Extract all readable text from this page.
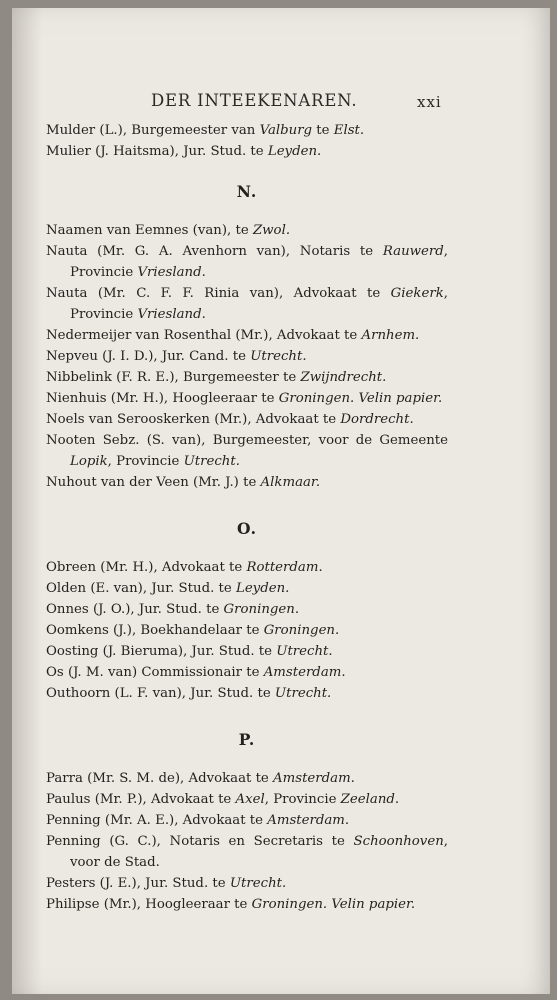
DER INTEEKENAREN.	xxi

Mulder (L.), Burgemeester van Valburg te Elst.

Mulier (J. Haitsma), Jur. Stud. te Leyden.

N.

Naamen van Eemnes (van), te Zwol.

Nauta (Mr. G. A. Avenhorn van), Notaris te Rauwerd, Provincie Vriesland.

Nauta (Mr. C. F. F. Rinia van), Advokaat te Giekerk, Provincie Vriesland.

Nedermeijer van Rosenthal (Mr.), Advokaat te Arnhem.

Nepveu (J. I. D.), Jur. Cand. te Utrecht.

Nibbelink (F. R. E.), Burgemeester te Zwijndrecht.

Nienhuis (Mr. H.), Hoogleeraar te Groningen. Velin papier.

Noels van Serooskerken (Mr.), Advokaat te Dordrecht.

Nooten Sebz. (S. van), Burgemeester, voor de Gemeente Lopik, Provincie Utrecht.

Nuhout van der Veen (Mr. J.) te Alkmaar.

O.

Obreen (Mr. H.), Advokaat te Rotterdam.

Olden (E. van), Jur. Stud. te Leyden.

Onnes (J. O.), Jur. Stud. te Groningen.

Oomkens (J.), Boekhandelaar te Groningen.

Oosting (J. Bieruma), Jur. Stud. te Utrecht.

Os (J. M. van) Commissionair te Amsterdam.

Outhoorn (L. F. van), Jur. Stud. te Utrecht.

P.

Parra (Mr. S. M. de), Advokaat te Amsterdam.

Paulus (Mr. P.), Advokaat te Axel, Provincie Zeeland.

Penning (Mr. A. E.), Advokaat te Amsterdam.

Penning (G. C.), Notaris en Secretaris te Schoonhoven, voor de Stad.

Pesters (J. E.), Jur. Stud. te Utrecht.

Philipse (Mr.), Hoogleeraar te Groningen. Velin papier.
